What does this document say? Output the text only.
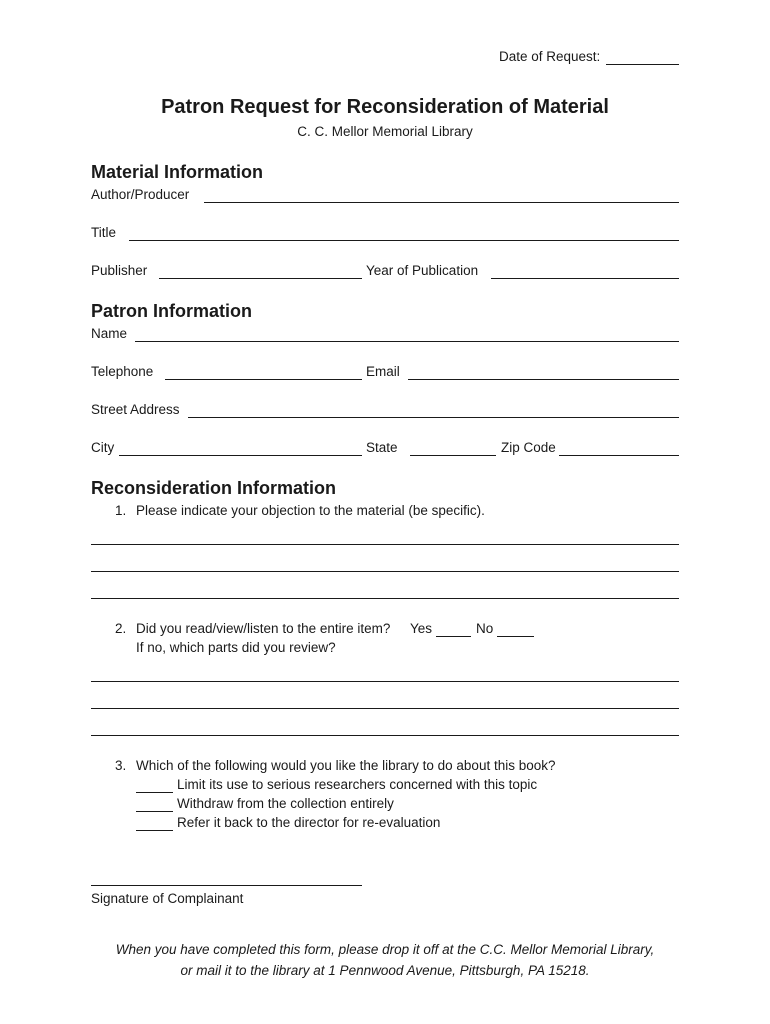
Date of Request:
Patron Request for Reconsideration of Material
C. C. Mellor Memorial Library
Material Information
Author/Producer
Title
Publisher	Year of Publication
Patron Information
Name
Telephone	Email
Street Address
City	State	Zip Code
Reconsideration Information
1. Please indicate your objection to the material (be specific).
2. Did you read/view/listen to the entire item? Yes	No
If no, which parts did you review?
3. Which of the following would you like the library to do about this book?
Limit its use to serious researchers concerned with this topic
Withdraw from the collection entirely
Refer it back to the director for re-evaluation
Signature of Complainant
When you have completed this form, please drop it off at the C.C. Mellor Memorial Library,
or mail it to the library at 1 Pennwood Avenue, Pittsburgh, PA 15218.
